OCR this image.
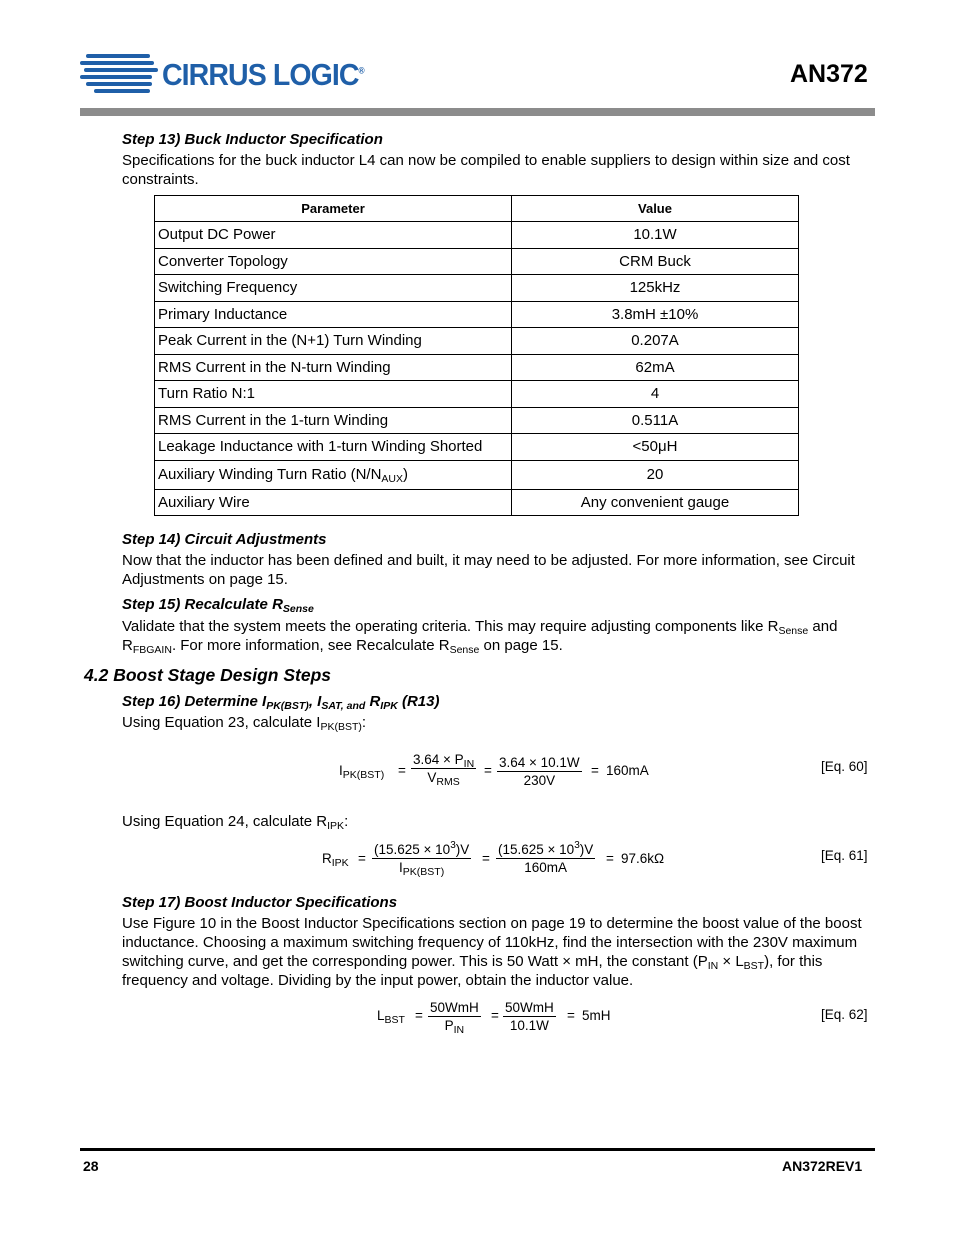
CIRRUS LOGIC®	AN372
Step 13) Buck Inductor Specification
Specifications for the buck inductor L4 can now be compiled to enable suppliers to design within size and cost constraints.
Parameter	Value
Output DC Power	10.1W
Converter Topology	CRM Buck
Switching Frequency	125kHz
Primary Inductance	3.8mH ±10%
Peak Current in the (N+1) Turn Winding	0.207A
RMS Current in the N-turn Winding	62mA
Turn Ratio N:1	4
RMS Current in the 1-turn Winding	0.511A
Leakage Inductance with 1-turn Winding Shorted	<50μH
Auxiliary Winding Turn Ratio $(N/N_{AUX})$	20
Auxiliary Wire	Any convenient gauge
Step 14) Circuit Adjustments
Now that the inductor has been defined and built, it may need to be adjusted. For more information, see Circuit Adjustments on page 15.
Step 15) Recalculate $R_{Sense}$
Validate that the system meets the operating criteria. This may require adjusting components like $R_{Sense}$ and $R_{FBGAIN}$. For more information, see Recalculate $R_{Sense}$ on page 15.
4.2 Boost Stage Design Steps
Step 16) Determine $I_{PK(BST)}$, $I_{SAT, and}$ $R_{IPK}$ (R13)
Using Equation 23, calculate $I_{PK(BST)}$:
$I_{PK(BST)}$ =
$3.64 \times P_{IN}$
$V_{RMS}$
= $\frac{3.64 \times 10.1W}{230V} = 160mA$	[Eq. 60]
Using Equation 24, calculate $R_{IPK}$:
$R_{IPK}$ =
$(15.625 \times 10^3)V$
$I_{PK(BST)}$
= $\frac{(15.625 \times 10^3)V}{160mA} = 97.6k\Omega$	[Eq. 61]
Step 17) Boost Inductor Specifications
Use Figure 10 in the Boost Inductor Specifications section on page 19 to determine the boost value of the boost inductance. Choosing a maximum switching frequency of 110kHz, find the intersection with the 230V maximum switching curve, and get the corresponding power. This is 50 Watt × mH, the constant $(P_{IN} \times L_{BST})$, for this frequency and voltage. Dividing by the input power, obtain the inductor value.
$L_{BST}$ =
50WmH
$P_{IN}$
=
50WmH
10.1W
= 5mH	[Eq. 62]
28	AN372REV1
